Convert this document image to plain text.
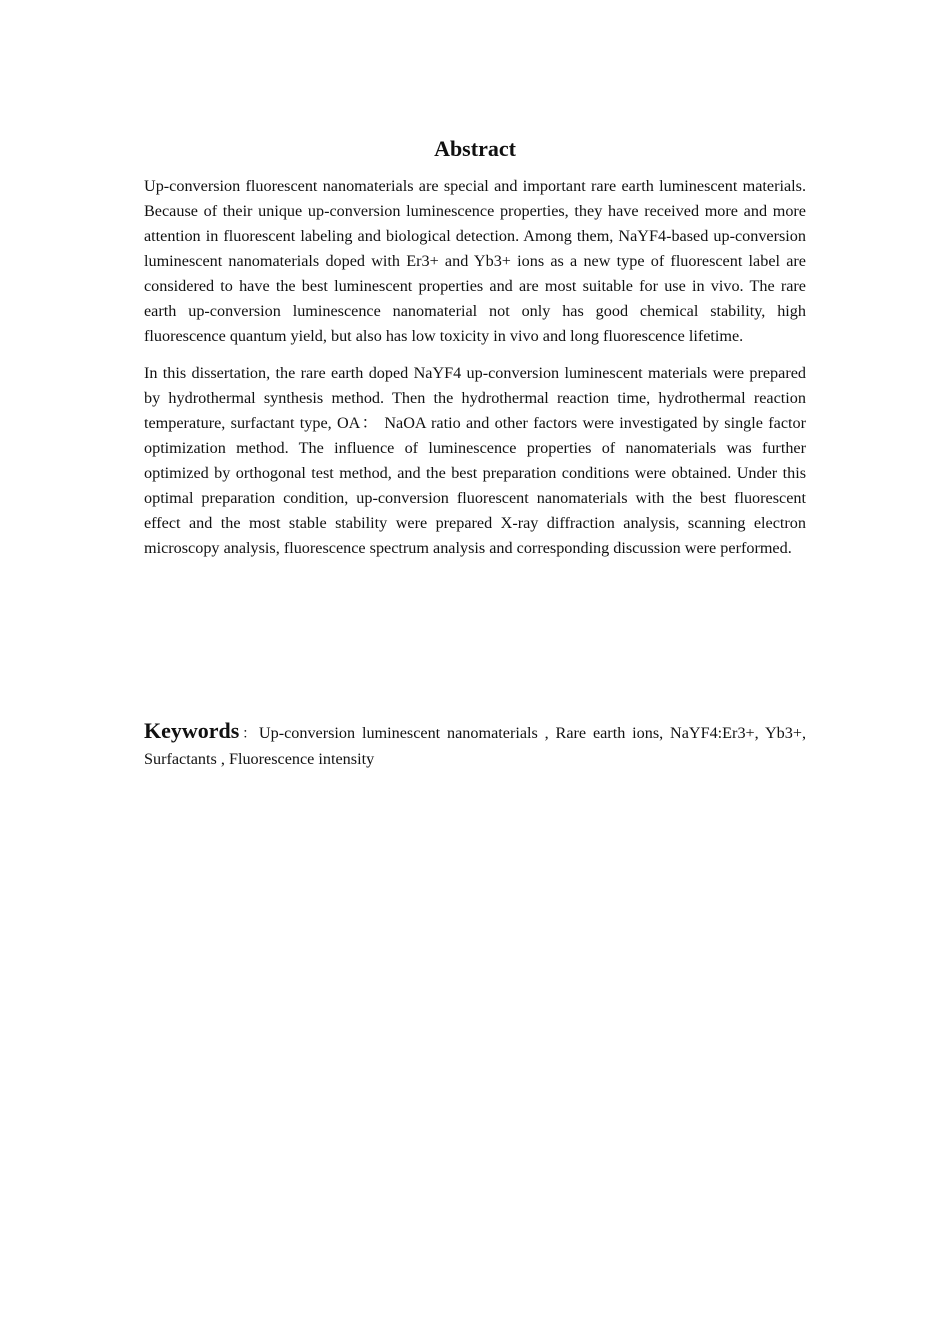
Abstract

Up-conversion fluorescent nanomaterials are special and important rare earth luminescent materials. Because of their unique up-conversion luminescence properties, they have received more and more attention in fluorescent labeling and biological detection. Among them, NaYF4-based up-conversion luminescent nanomaterials doped with Er3+ and Yb3+ ions as a new type of fluorescent label are considered to have the best luminescent properties and are most suitable for use in vivo. The rare earth up-conversion luminescence nanomaterial not only has good chemical stability, high fluorescence quantum yield, but also has low toxicity in vivo and long fluorescence lifetime.

In this dissertation, the rare earth doped NaYF4 up-conversion luminescent materials were prepared by hydrothermal synthesis method. Then the hydrothermal reaction time, hydrothermal reaction temperature, surfactant type, OA： NaOA ratio and other factors were investigated by single factor optimization method. The influence of luminescence properties of nanomaterials was further optimized by orthogonal test method, and the best preparation conditions were obtained. Under this optimal preparation condition, up-conversion fluorescent nanomaterials with the best fluorescent effect and the most stable stability were prepared X-ray diffraction analysis, scanning electron microscopy analysis, fluorescence spectrum analysis and corresponding discussion were performed.

Keywords：Up-conversion luminescent nanomaterials , Rare earth ions, NaYF4:Er3+, Yb3+, Surfactants , Fluorescence intensity
